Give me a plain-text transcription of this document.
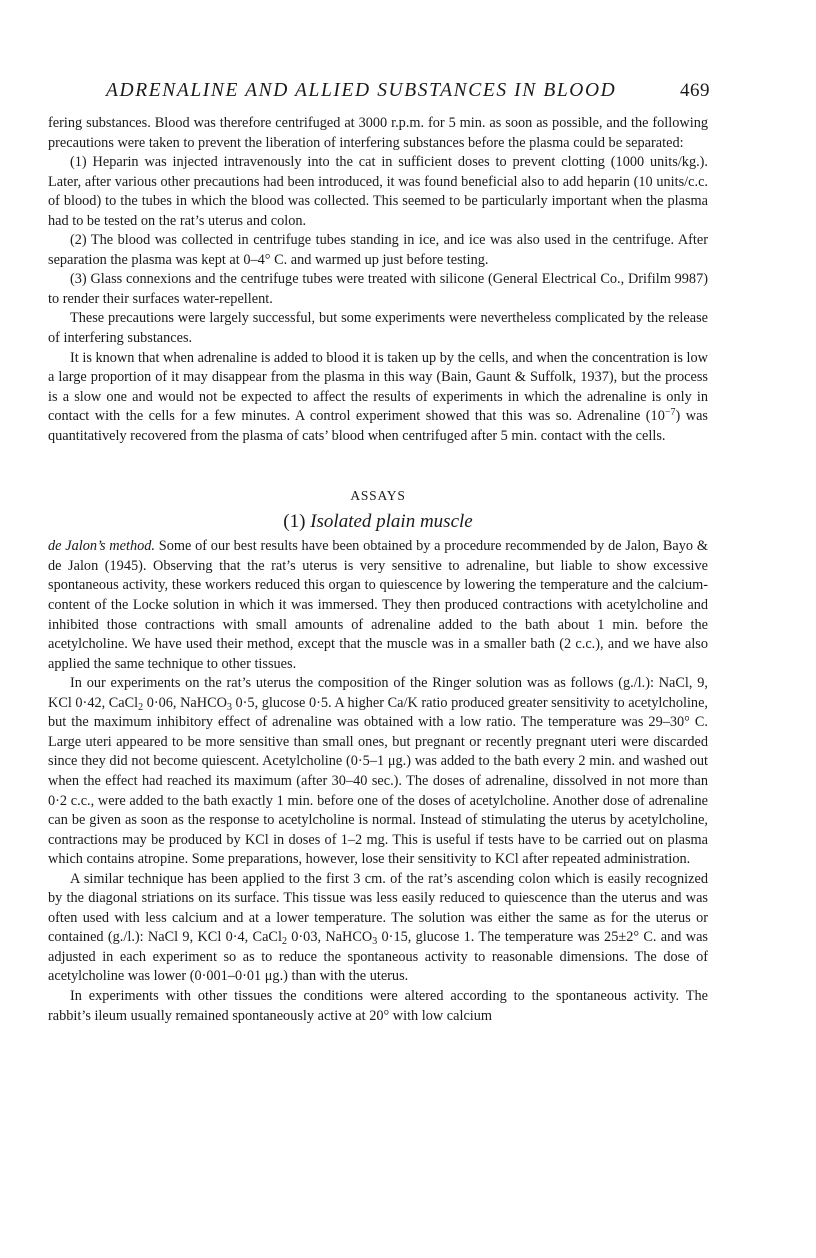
ADRENALINE AND ALLIED SUBSTANCES IN BLOOD	469

fering substances. Blood was therefore centrifuged at 3000 r.p.m. for 5 min. as soon as possible, and the following precautions were taken to prevent the liberation of interfering substances before the plasma could be separated:

(1) Heparin was injected intravenously into the cat in sufficient doses to prevent clotting (1000 units/kg.). Later, after various other precautions had been introduced, it was found beneficial also to add heparin (10 units/c.c. of blood) to the tubes in which the blood was collected. This seemed to be particularly important when the plasma had to be tested on the rat’s uterus and colon.

(2) The blood was collected in centrifuge tubes standing in ice, and ice was also used in the centrifuge. After separation the plasma was kept at 0–4° C. and warmed up just before testing.

(3) Glass connexions and the centrifuge tubes were treated with silicone (General Electrical Co., Drifilm 9987) to render their surfaces water-repellent.

These precautions were largely successful, but some experiments were nevertheless complicated by the release of interfering substances.

It is known that when adrenaline is added to blood it is taken up by the cells, and when the concentration is low a large proportion of it may disappear from the plasma in this way (Bain, Gaunt & Suffolk, 1937), but the process is a slow one and would not be expected to affect the results of experiments in which the adrenaline is only in contact with the cells for a few minutes. A control experiment showed that this was so. Adrenaline $(10^{-7})$ was quantitatively recovered from the plasma of cats’ blood when centrifuged after 5 min. contact with the cells.

ASSAYS
(1) Isolated plain muscle

de Jalon’s method. Some of our best results have been obtained by a procedure recommended by de Jalon, Bayo & de Jalon (1945). Observing that the rat’s uterus is very sensitive to adrenaline, but liable to show excessive spontaneous activity, these workers reduced this organ to quiescence by lowering the temperature and the calcium-content of the Locke solution in which it was immersed. They then produced contractions with acetylcholine and inhibited those contractions with small amounts of adrenaline added to the bath about 1 min. before the acetylcholine. We have used their method, except that the muscle was in a smaller bath (2 c.c.), and we have also applied the same technique to other tissues.

In our experiments on the rat’s uterus the composition of the Ringer solution was as follows (g./l.): NaCl, 9, KCl 0·42, CaCl$_2$ 0·06, NaHCO$_3$ 0·5, glucose 0·5. A higher Ca/K ratio produced greater sensitivity to acetylcholine, but the maximum inhibitory effect of adrenaline was obtained with a low ratio. The temperature was 29–30° C. Large uteri appeared to be more sensitive than small ones, but pregnant or recently pregnant uteri were discarded since they did not become quiescent. Acetylcholine (0·5–1 μg.) was added to the bath every 2 min. and washed out when the effect had reached its maximum (after 30–40 sec.). The doses of adrenaline, dissolved in not more than 0·2 c.c., were added to the bath exactly 1 min. before one of the doses of acetylcholine. Another dose of adrenaline can be given as soon as the response to acetylcholine is normal. Instead of stimulating the uterus by acetylcholine, contractions may be produced by KCl in doses of 1–2 mg. This is useful if tests have to be carried out on plasma which contains atropine. Some preparations, however, lose their sensitivity to KCl after repeated administration.

A similar technique has been applied to the first 3 cm. of the rat’s ascending colon which is easily recognized by the diagonal striations on its surface. This tissue was less easily reduced to quiescence than the uterus and was often used with less calcium and at a lower temperature. The solution was either the same as for the uterus or contained (g./l.): NaCl 9, KCl 0·4, CaCl$_2$ 0·03, NaHCO$_3$ 0·15, glucose 1. The temperature was 25±2° C. and was adjusted in each experiment so as to reduce the spontaneous activity to reasonable dimensions. The dose of acetylcholine was lower (0·001–0·01 μg.) than with the uterus.

In experiments with other tissues the conditions were altered according to the spontaneous activity. The rabbit’s ileum usually remained spontaneously active at 20° with low calcium
